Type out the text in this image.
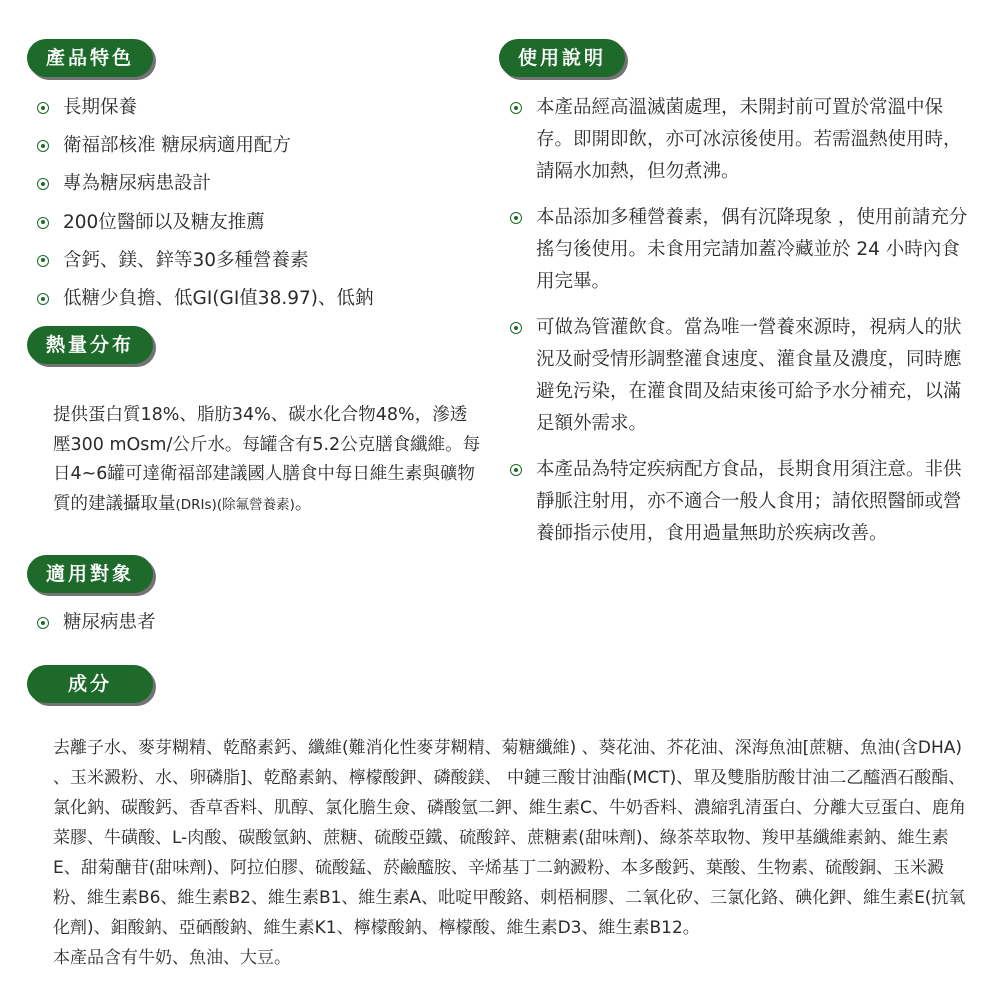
產品特色	使用說明
熱量分布
適用對象
成分
長期保養
衛福部核准 糖尿病適用配方
專為糖尿病患設計
200位醫師以及糖友推薦
含鈣、鎂、鋅等30多種營養素
低糖少負擔、低GI(GI值38.97)、低鈉
本產品經高溫滅菌處理，未開封前可置於常溫中保存。即開即飲，亦可冰涼後使用。若需溫熱使用時，請隔水加熱，但勿煮沸。
本品添加多種營養素，偶有沉降現象 ，使用前請充分搖勻後使用。未食用完請加蓋冷藏並於 24 小時內食用完畢。
可做為管灌飲食。當為唯一營養來源時，視病人的狀況及耐受情形調整灌食速度、灌食量及濃度，同時應避免污染，在灌食間及結束後可給予水分補充，以滿足額外需求。
本產品為特定疾病配方食品，長期食用須注意。非供靜脈注射用，亦不適合一般人食用；請依照醫師或營養師指示使用，食用過量無助於疾病改善。
提供蛋白質18%、脂肪34%、碳水化合物48%，滲透壓300 mOsm/公斤水。每罐含有5.2公克膳食纖維。每日4~6罐可達衛福部建議國人膳食中每日維生素與礦物質的建議攝取量(DRIs)(除氟營養素)。
糖尿病患者

去離子水、麥芽糊精、乾酪素鈣、纖維(難消化性麥芽糊精、菊糖纖維) 、葵花油、芥花油、深海魚油[蔗糖、魚油(含DHA) 、玉米澱粉、水、卵磷脂]、乾酪素鈉、檸檬酸鉀、磷酸鎂、 中鏈三酸甘油酯(MCT)、單及雙脂肪酸甘油二乙醯酒石酸酯、氯化鈉、碳酸鈣、香草香料、肌醇、氯化膽生僉、磷酸氫二鉀、維生素C、牛奶香料、濃縮乳清蛋白、分離大豆蛋白、鹿角菜膠、牛磺酸、L-肉酸、碳酸氫鈉、蔗糖、硫酸亞鐵、硫酸鋅、蔗糖素(甜味劑)、綠茶萃取物、羧甲基纖維素鈉、維生素E、甜菊醣苷(甜味劑)、阿拉伯膠、硫酸錳、菸鹼醯胺、辛烯基丁二鈉澱粉、本多酸鈣、葉酸、生物素、硫酸銅、玉米澱粉、維生素B6、維生素B2、維生素B1、維生素A、吡啶甲酸鉻、刺梧桐膠、二氧化矽、三氯化鉻、碘化鉀、維生素E(抗氧化劑)、鉬酸鈉、亞硒酸鈉、維生素K1、檸檬酸鈉、檸檬酸、維生素D3、維生素B12。

本產品含有牛奶、魚油、大豆。
